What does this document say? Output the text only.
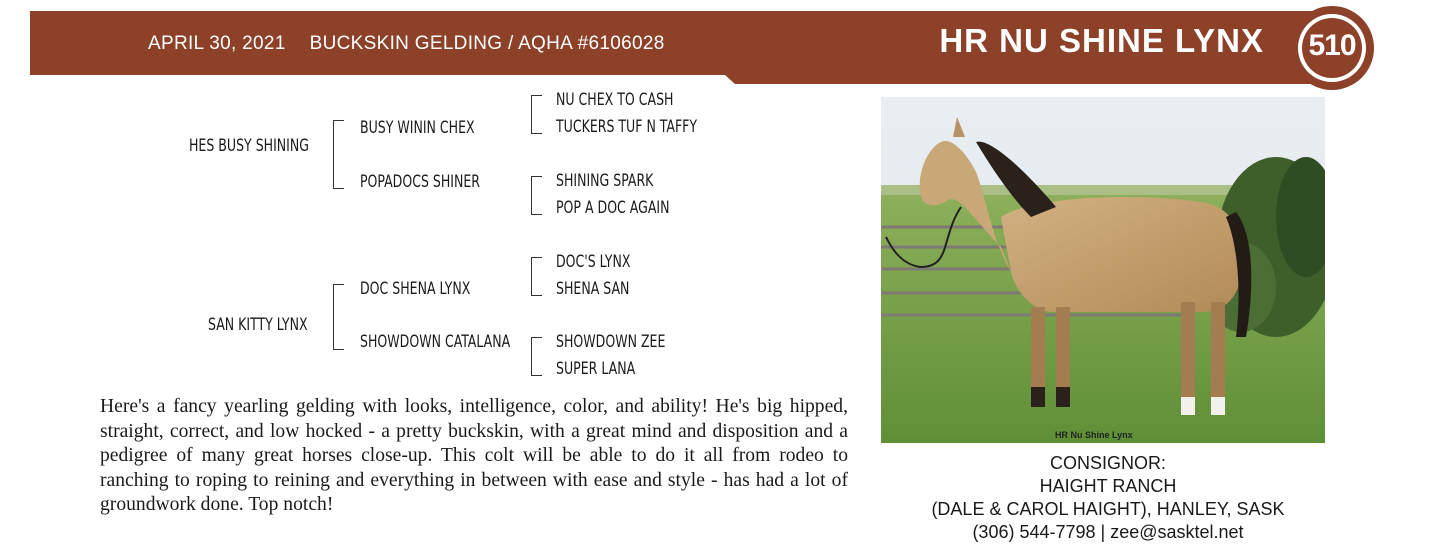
APRIL 30, 2021 BUCKSKIN GELDING / AQHA #6106028	HR NU SHINE LYNX	510
HES BUSY SHINING
BUSY WININ CHEX
POPADOCS SHINER
NU CHEX TO CASH
TUCKERS TUF N TAFFY
SHINING SPARK
POP A DOC AGAIN
SAN KITTY LYNX
DOC SHENA LYNX
SHOWDOWN CATALANA
DOC'S LYNX
SHENA SAN
SHOWDOWN ZEE
SUPER LANA
Here's a fancy yearling gelding with looks, intelligence, color, and ability! He's big hipped, straight, correct, and low hocked - a pretty buckskin, with a great mind and disposition and a pedigree of many great horses close-up. This colt will be able to do it all from rodeo to ranching to roping to reining and everything in between with ease and style - has had a lot of groundwork done. Top notch!
HR Nu Shine Lynx
CONSIGNOR:
HAIGHT RANCH
(DALE & CAROL HAIGHT), HANLEY, SASK
(306) 544-7798 | zee@sasktel.net
